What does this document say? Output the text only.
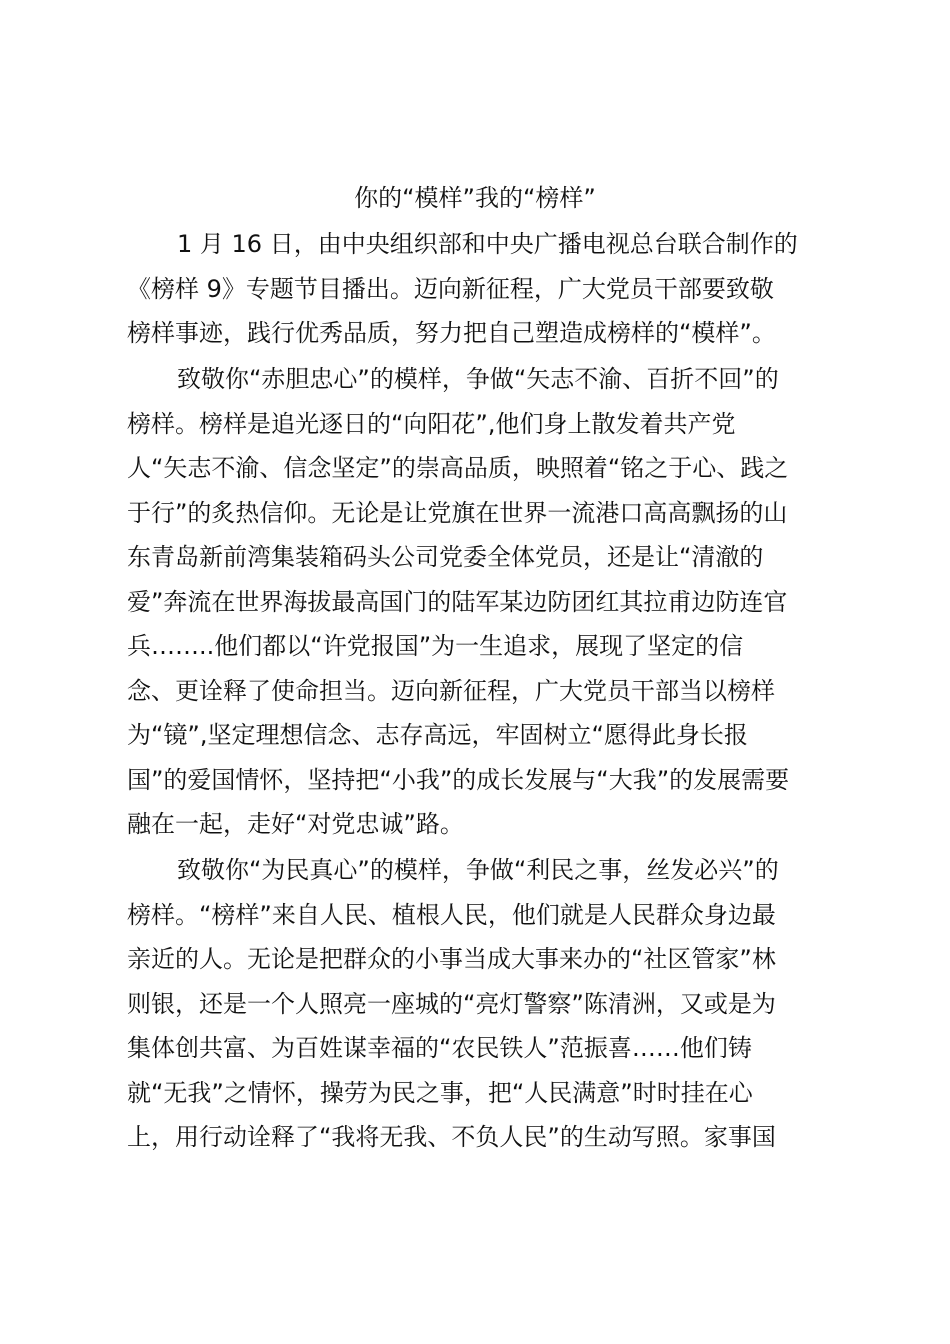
你的“模样”我的“榜样”
1 月 16 日，由中央组织部和中央广播电视总台联合制作的
《榜样 9》专题节目播出。迈向新征程，广大党员干部要致敬
榜样事迹，践行优秀品质，努力把自己塑造成榜样的“模样”。
致敬你“赤胆忠心”的模样，争做“矢志不渝、百折不回”的
榜样。榜样是追光逐日的“向阳花”,他们身上散发着共产党
人“矢志不渝、信念坚定”的崇高品质，映照着“铭之于心、践之
于行”的炙热信仰。无论是让党旗在世界一流港口高高飘扬的山
东青岛新前湾集装箱码头公司党委全体党员，还是让“清澈的
爱”奔流在世界海拔最高国门的陆军某边防团红其拉甫边防连官
兵……..他们都以“许党报国”为一生追求，展现了坚定的信
念、更诠释了使命担当。迈向新征程，广大党员干部当以榜样
为“镜”,坚定理想信念、志存高远，牢固树立“愿得此身长报
国”的爱国情怀，坚持把“小我”的成长发展与“大我”的发展需要
融在一起，走好“对党忠诚”路。
致敬你“为民真心”的模样，争做“利民之事，丝发必兴”的
榜样。“榜样”来自人民、植根人民，他们就是人民群众身边最
亲近的人。无论是把群众的小事当成大事来办的“社区管家”林
则银，还是一个人照亮一座城的“亮灯警察”陈清洲，又或是为
集体创共富、为百姓谋幸福的“农民铁人”范振喜……他们铸
就“无我”之情怀，操劳为民之事，把“人民满意”时时挂在心
上，用行动诠释了“我将无我、不负人民”的生动写照。家事国
